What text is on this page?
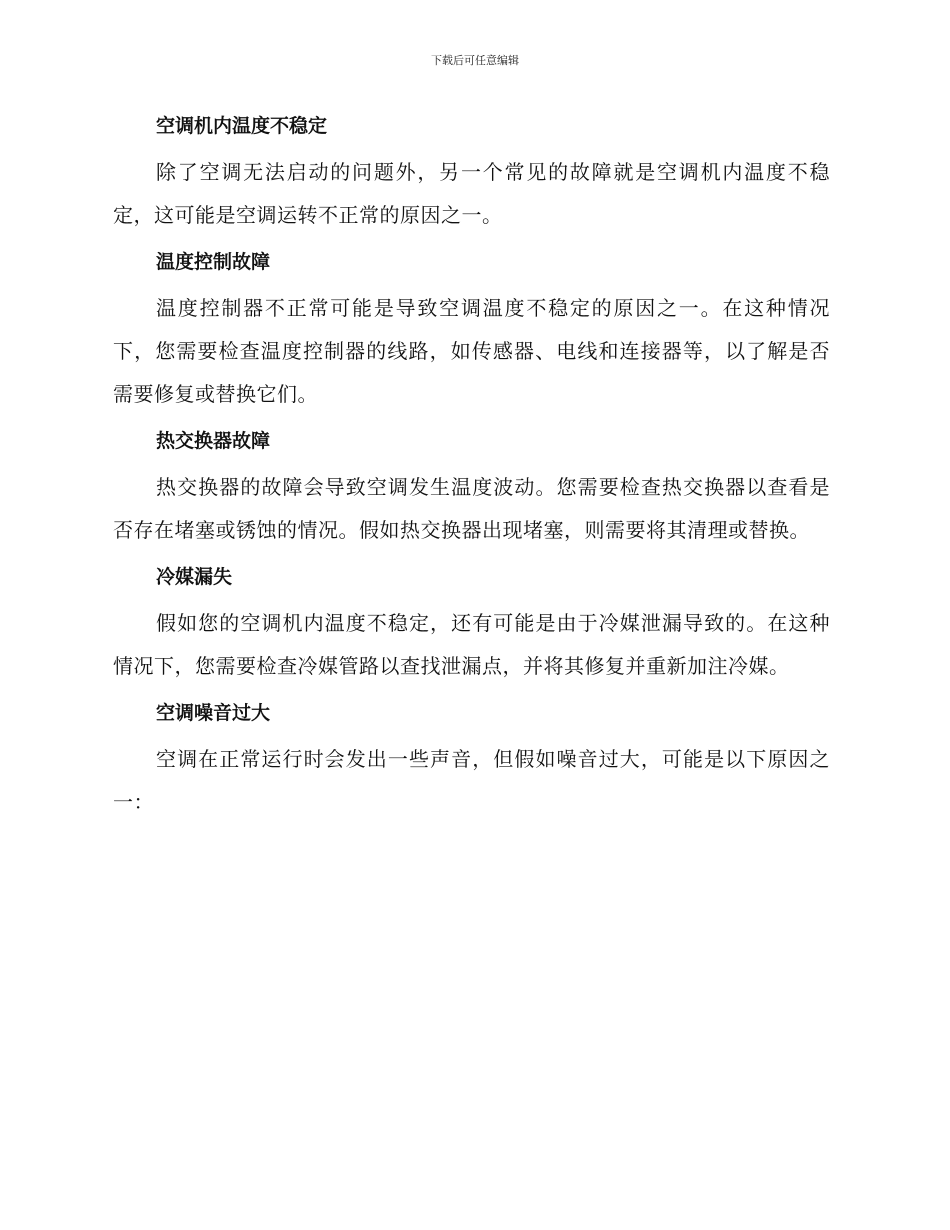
下载后可任意编辑

空调机内温度不稳定

除了空调无法启动的问题外，另一个常见的故障就是空调机内温度不稳定，这可能是空调运转不正常的原因之一。

温度控制故障

温度控制器不正常可能是导致空调温度不稳定的原因之一。在这种情况下，您需要检查温度控制器的线路，如传感器、电线和连接器等，以了解是否需要修复或替换它们。

热交换器故障

热交换器的故障会导致空调发生温度波动。您需要检查热交换器以查看是否存在堵塞或锈蚀的情况。假如热交换器出现堵塞，则需要将其清理或替换。

冷媒漏失

假如您的空调机内温度不稳定，还有可能是由于冷媒泄漏导致的。在这种情况下，您需要检查冷媒管路以查找泄漏点，并将其修复并重新加注冷媒。

空调噪音过大

空调在正常运行时会发出一些声音，但假如噪音过大，可能是以下原因之一：
